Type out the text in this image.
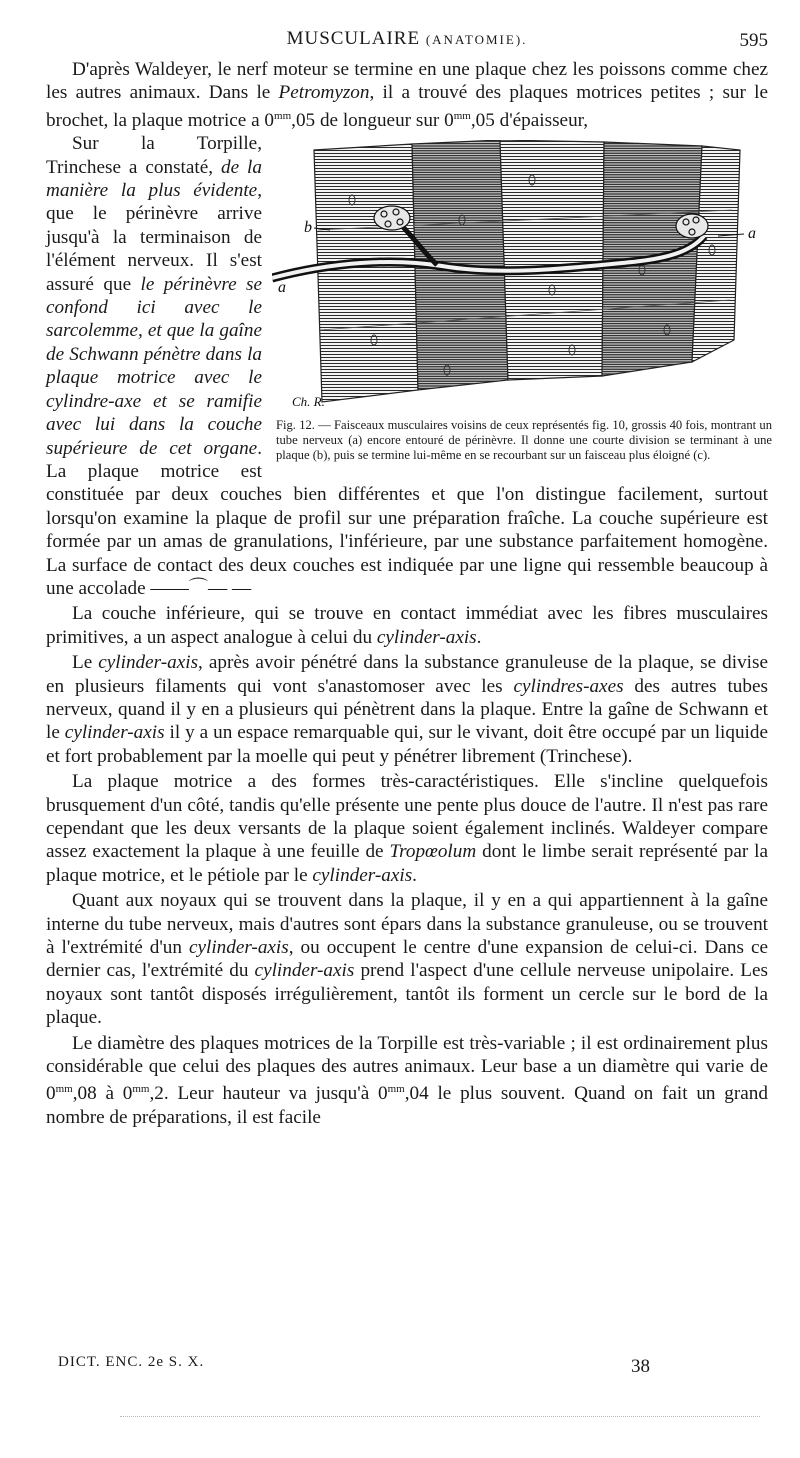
MUSCULAIRE (ANATOMIE).	595

D'après Waldeyer, le nerf moteur se termine en une plaque chez les poissons comme chez les autres animaux. Dans le Petromyzon, il a trouvé des plaques motrices petites ; sur le brochet, la plaque motrice a $0^{mm},05$ de longueur sur $0^{mm},05$ d'épaisseur,

b	a
a
Ch. R.
Fig. 12. — Faisceaux musculaires voisins de ceux représentés fig. 10, grossis 40 fois, montrant un tube nerveux (a) encore entouré de périnèvre. Il donne une courte division se terminant à une plaque (b), puis se termine lui-même en se recourbant sur un faisceau plus éloigné (c).

Sur la Torpille, Trinchese a constaté, de la manière la plus évidente, que le périnèvre arrive jusqu'à la terminaison de l'élément nerveux. Il s'est assuré que le périnèvre se confond ici avec le sarcolemme, et que la gaîne de Schwann pénètre dans la plaque motrice avec le cylindre-axe et se ramifie avec lui dans la couche supérieure de cet organe. La plaque motrice est constituée par deux couches bien différentes et que l'on distingue facilement, surtout lorsqu'on examine la plaque de profil sur une préparation fraîche. La couche supérieure est formée par un amas de granulations, l'inférieure, par une substance parfaitement homogène. La surface de contact des deux couches est indiquée par une ligne qui ressemble beaucoup à une accolade ——⌒— —

La couche inférieure, qui se trouve en contact immédiat avec les fibres musculaires primitives, a un aspect analogue à celui du cylinder-axis.

Le cylinder-axis, après avoir pénétré dans la substance granuleuse de la plaque, se divise en plusieurs filaments qui vont s'anastomoser avec les cylindres-axes des autres tubes nerveux, quand il y en a plusieurs qui pénètrent dans la plaque. Entre la gaîne de Schwann et le cylinder-axis il y a un espace remarquable qui, sur le vivant, doit être occupé par un liquide et fort probablement par la moelle qui peut y pénétrer librement (Trinchese).

La plaque motrice a des formes très-caractéristiques. Elle s'incline quelquefois brusquement d'un côté, tandis qu'elle présente une pente plus douce de l'autre. Il n'est pas rare cependant que les deux versants de la plaque soient également inclinés. Waldeyer compare assez exactement la plaque à une feuille de Tropœolum dont le limbe serait représenté par la plaque motrice, et le pétiole par le cylinder-axis.

Quant aux noyaux qui se trouvent dans la plaque, il y en a qui appartiennent à la gaîne interne du tube nerveux, mais d'autres sont épars dans la substance granuleuse, ou se trouvent à l'extrémité d'un cylinder-axis, ou occupent le centre d'une expansion de celui-ci. Dans ce dernier cas, l'extrémité du cylinder-axis prend l'aspect d'une cellule nerveuse unipolaire. Les noyaux sont tantôt disposés irrégulièrement, tantôt ils forment un cercle sur le bord de la plaque.

Le diamètre des plaques motrices de la Torpille est très-variable ; il est ordinairement plus considérable que celui des plaques des autres animaux. Leur base a un diamètre qui varie de $0^{mm},08$ à $0^{mm},2$. Leur hauteur va jusqu'à $0^{mm},04$ le plus souvent. Quand on fait un grand nombre de préparations, il est facile

DICT. ENC. 2e S. X.	38
